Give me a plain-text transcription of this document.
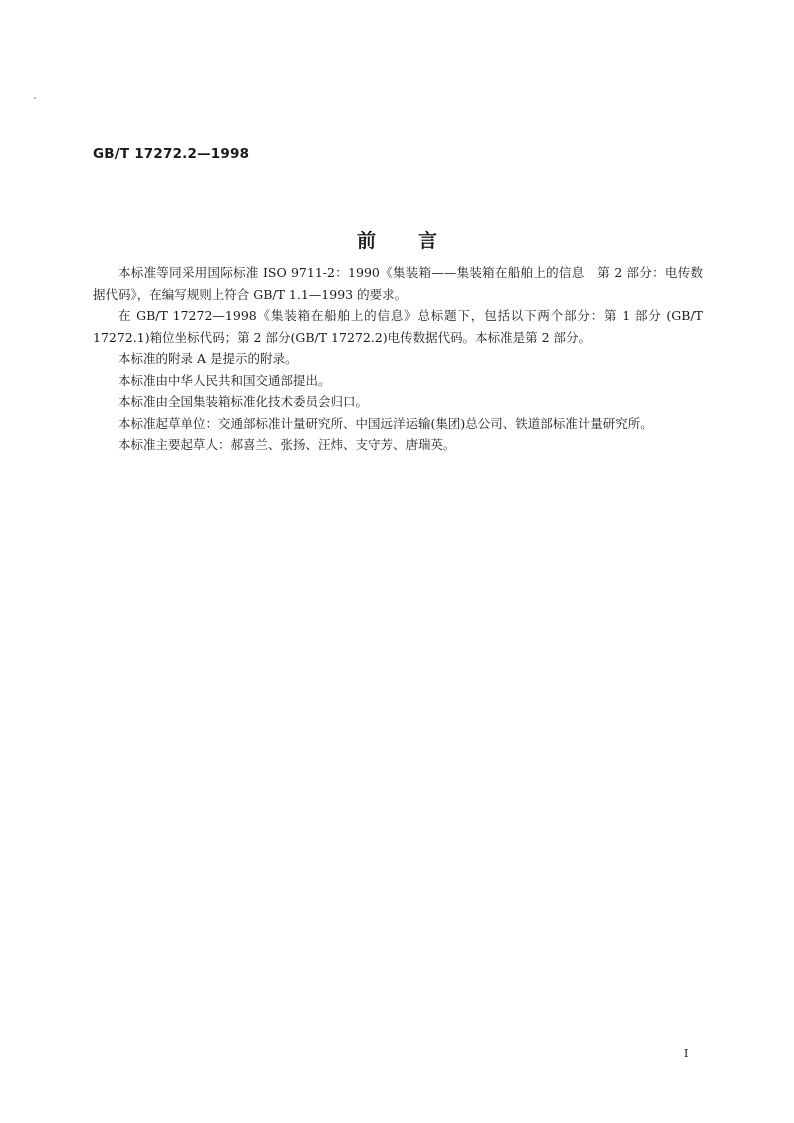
GB/T 17272.2—1998
前言

本标准等同采用国际标准 ISO 9711-2：1990《集装箱——集装箱在船舶上的信息　第 2 部分：电传数据代码》，在编写规则上符合 GB/T 1.1—1993 的要求。

在 GB/T 17272—1998《集装箱在船舶上的信息》总标题下，包括以下两个部分：第 1 部分 (GB/T 17272.1)箱位坐标代码；第 2 部分(GB/T 17272.2)电传数据代码。本标准是第 2 部分。

本标准的附录 A 是提示的附录。

本标准由中华人民共和国交通部提出。

本标准由全国集装箱标准化技术委员会归口。

本标准起草单位：交通部标准计量研究所、中国远洋运输(集团)总公司、铁道部标准计量研究所。

本标准主要起草人：郝喜兰、张扬、汪炜、支守芳、唐瑞英。

I
